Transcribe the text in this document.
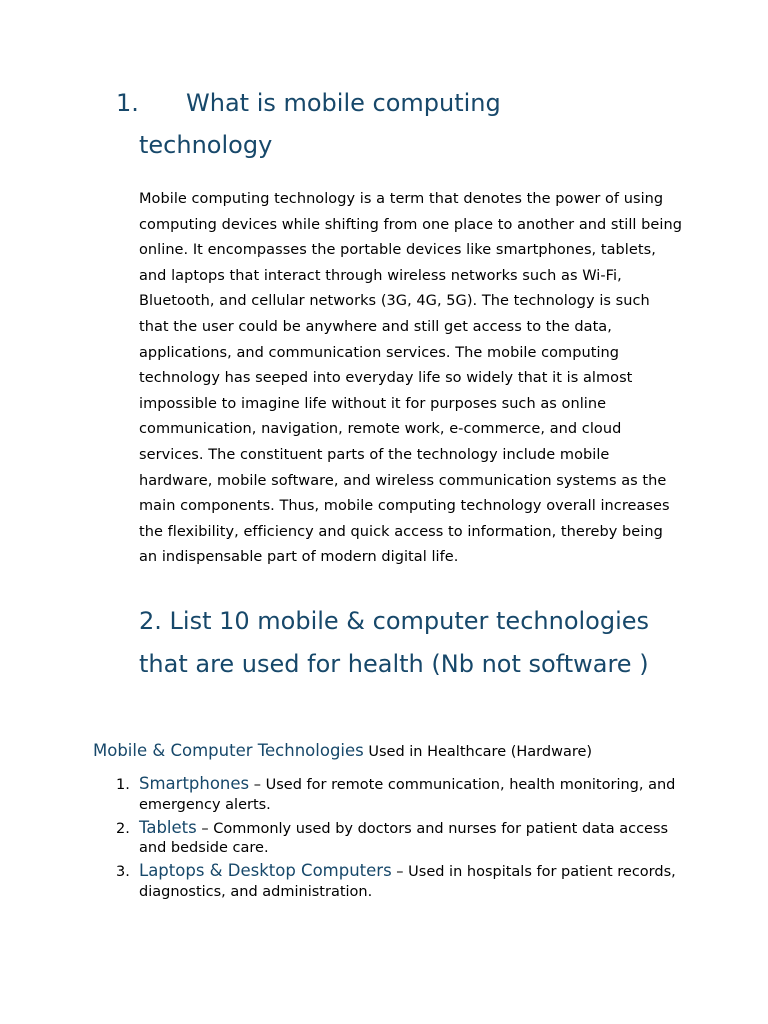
1. What is mobile computing
technology

Mobile computing technology is a term that denotes the power of using computing devices while shifting from one place to another and still being online. It encompasses the portable devices like smartphones, tablets, and laptops that interact through wireless networks such as Wi-Fi, Bluetooth, and cellular networks (3G, 4G, 5G). The technology is such that the user could be anywhere and still get access to the data, applications, and communication services. The mobile computing technology has seeped into everyday life so widely that it is almost impossible to imagine life without it for purposes such as online communication, navigation, remote work, e-commerce, and cloud services. The constituent parts of the technology include mobile hardware, mobile software, and wireless communication systems as the main components. Thus, mobile computing technology overall increases the flexibility, efficiency and quick access to information, thereby being an indispensable part of modern digital life.

2. List 10 mobile & computer technologies that are used for health (Nb not software )

Mobile & Computer Technologies Used in Healthcare (Hardware)

1. Smartphones – Used for remote communication, health monitoring, and emergency alerts.
2. Tablets – Commonly used by doctors and nurses for patient data access and bedside care.
3. Laptops & Desktop Computers – Used in hospitals for patient records, diagnostics, and administration.
